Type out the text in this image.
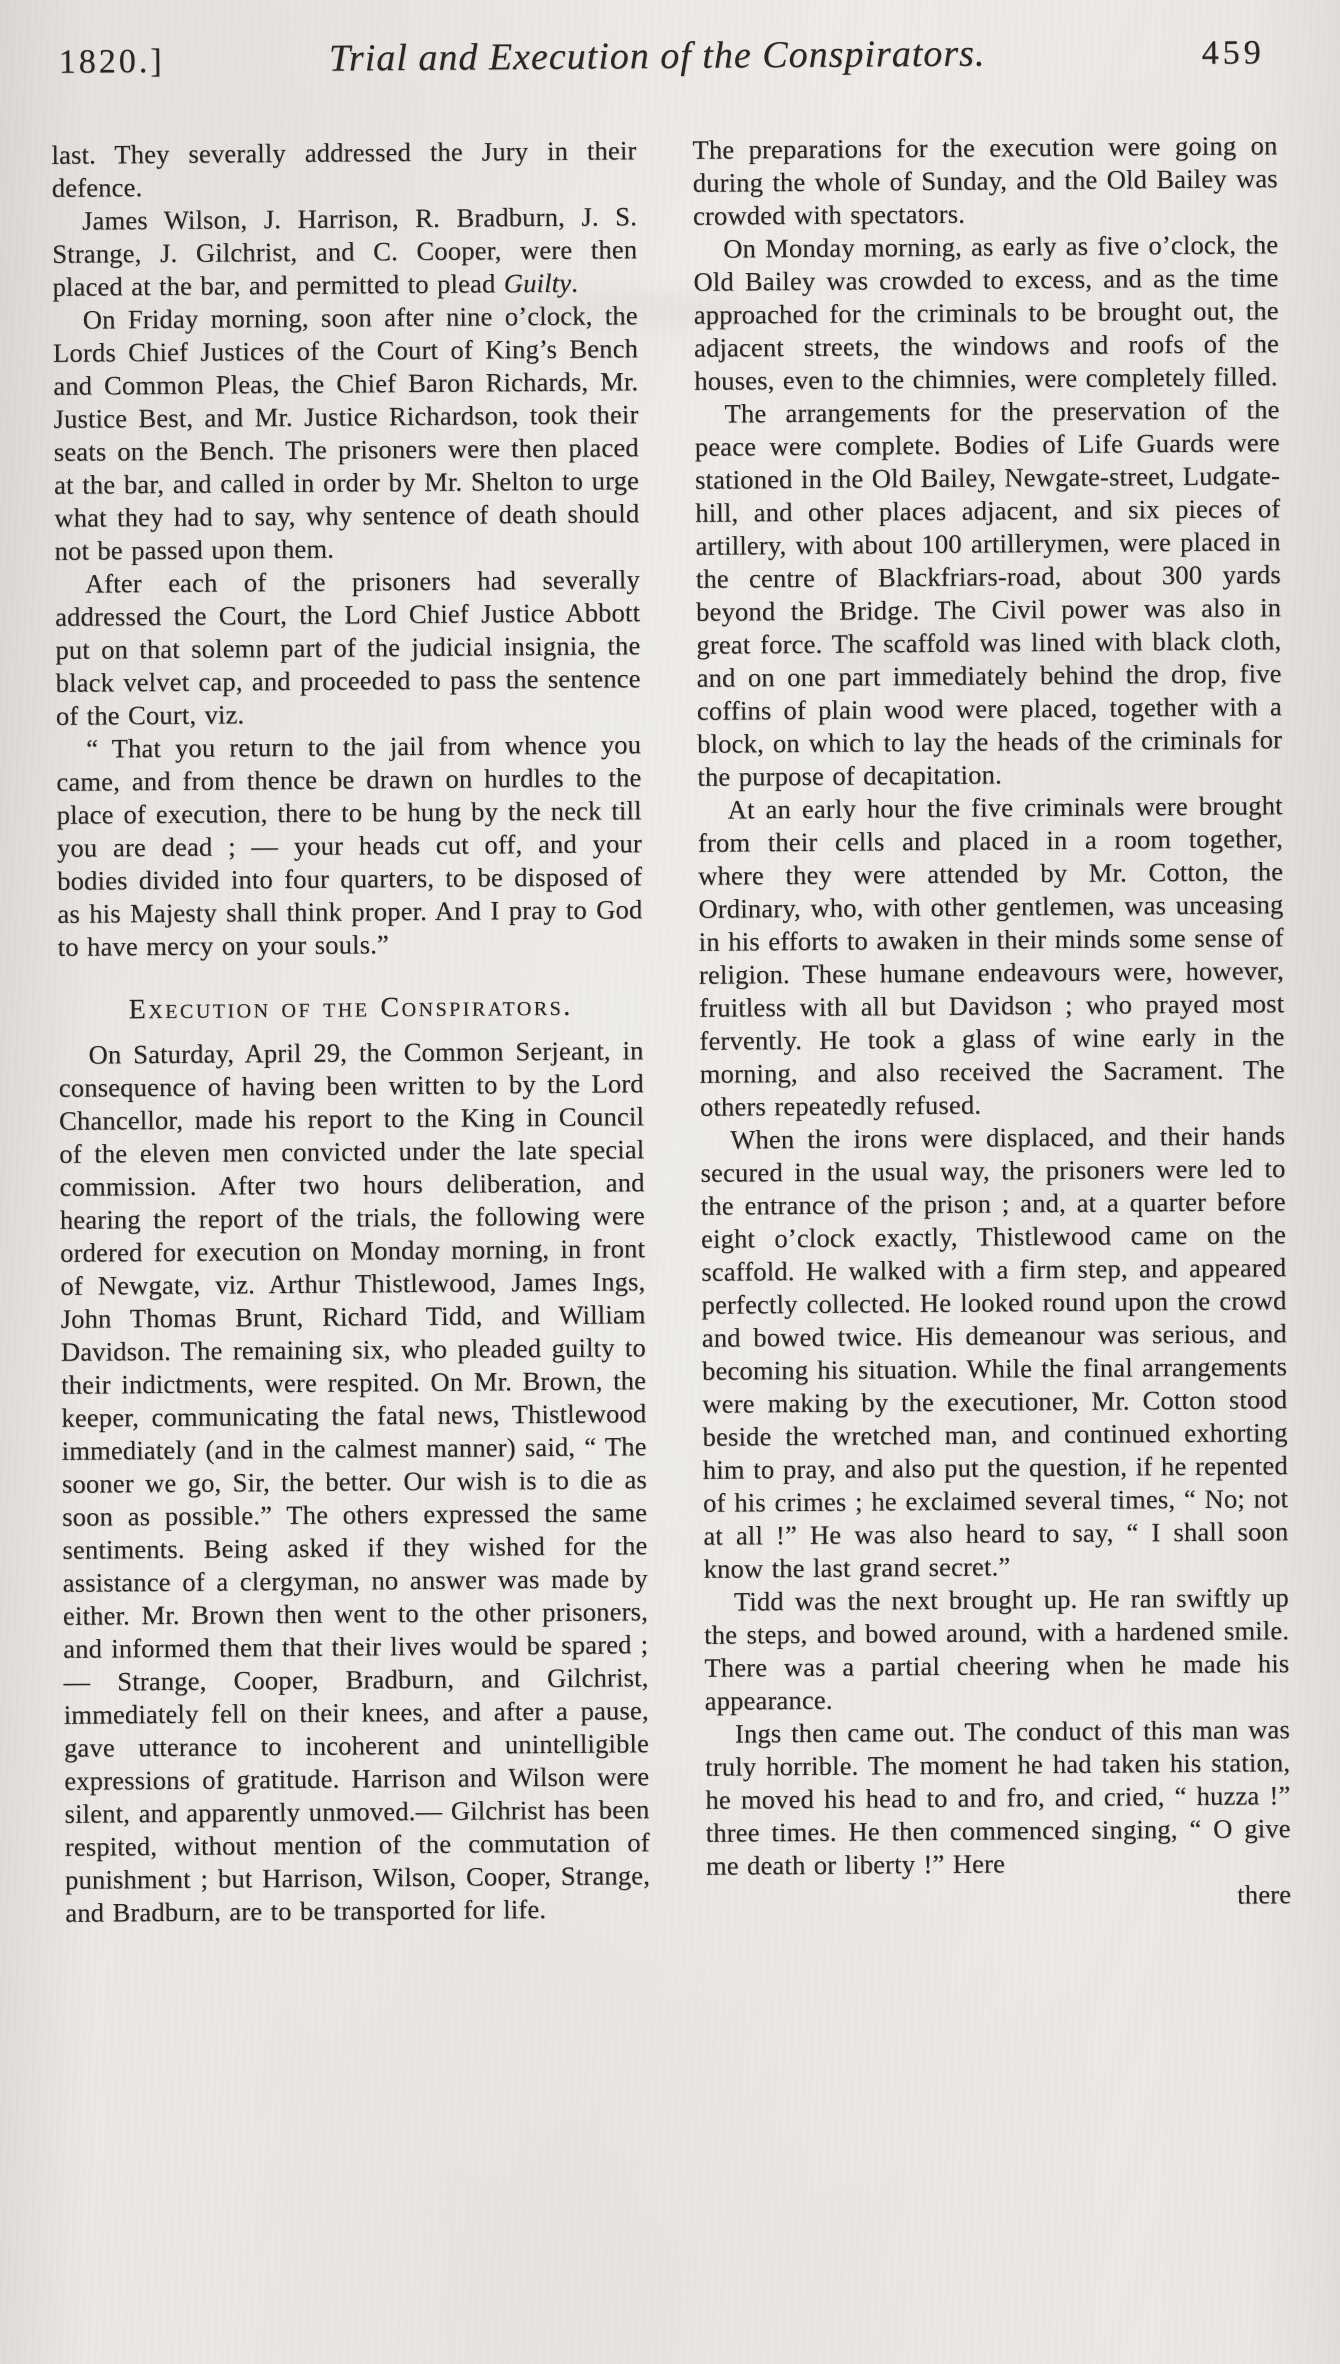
1820.]	Trial and Execution of the Conspirators.	459

last. They severally addressed the Jury in their defence.

James Wilson, J. Harrison, R. Bradburn, J. S. Strange, J. Gilchrist, and C. Cooper, were then placed at the bar, and permitted to plead Guilty.

On Friday morning, soon after nine o’clock, the Lords Chief Justices of the Court of King’s Bench and Common Pleas, the Chief Baron Richards, Mr. Justice Best, and Mr. Justice Richardson, took their seats on the Bench. The prisoners were then placed at the bar, and called in order by Mr. Shelton to urge what they had to say, why sentence of death should not be passed upon them.

After each of the prisoners had severally addressed the Court, the Lord Chief Justice Abbott put on that solemn part of the judicial insignia, the black velvet cap, and proceeded to pass the sentence of the Court, viz.

“ That you return to the jail from whence you came, and from thence be drawn on hurdles to the place of execution, there to be hung by the neck till you are dead ; — your heads cut off, and your bodies divided into four quarters, to be disposed of as his Majesty shall think proper. And I pray to God to have mercy on your souls.”

Execution of the Conspirators.

On Saturday, April 29, the Common Serjeant, in consequence of having been written to by the Lord Chancellor, made his report to the King in Council of the eleven men convicted under the late special commission. After two hours deliberation, and hearing the report of the trials, the following were ordered for execution on Monday morning, in front of Newgate, viz. Arthur Thistlewood, James Ings, John Thomas Brunt, Richard Tidd, and William Davidson. The remaining six, who pleaded guilty to their indictments, were respited. On Mr. Brown, the keeper, communicating the fatal news, Thistlewood immediately (and in the calmest manner) said, “ The sooner we go, Sir, the better. Our wish is to die as soon as possible.” The others expressed the same sentiments. Being asked if they wished for the assistance of a clergyman, no answer was made by either. Mr. Brown then went to the other prisoners, and informed them that their lives would be spared ; — Strange, Cooper, Bradburn, and Gilchrist, immediately fell on their knees, and after a pause, gave utterance to incoherent and unintelligible expressions of gratitude. Harrison and Wilson were silent, and apparently unmoved.— Gilchrist has been respited, without mention of the commutation of punishment ; but Harrison, Wilson, Cooper, Strange, and Bradburn, are to be transported for life.

The preparations for the execution were going on during the whole of Sunday, and the Old Bailey was crowded with spectators.

On Monday morning, as early as five o’clock, the Old Bailey was crowded to excess, and as the time approached for the criminals to be brought out, the adjacent streets, the windows and roofs of the houses, even to the chimnies, were completely filled.

The arrangements for the preservation of the peace were complete. Bodies of Life Guards were stationed in the Old Bailey, Newgate-street, Ludgate-hill, and other places adjacent, and six pieces of artillery, with about 100 artillerymen, were placed in the centre of Blackfriars-road, about 300 yards beyond the Bridge. The Civil power was also in great force. The scaffold was lined with black cloth, and on one part immediately behind the drop, five coffins of plain wood were placed, together with a block, on which to lay the heads of the criminals for the purpose of decapitation.

At an early hour the five criminals were brought from their cells and placed in a room together, where they were attended by Mr. Cotton, the Ordinary, who, with other gentlemen, was unceasing in his efforts to awaken in their minds some sense of religion. These humane endeavours were, however, fruitless with all but Davidson ; who prayed most fervently. He took a glass of wine early in the morning, and also received the Sacrament. The others repeatedly refused.

When the irons were displaced, and their hands secured in the usual way, the prisoners were led to the entrance of the prison ; and, at a quarter before eight o’clock exactly, Thistlewood came on the scaffold. He walked with a firm step, and appeared perfectly collected. He looked round upon the crowd and bowed twice. His demeanour was serious, and becoming his situation. While the final arrangements were making by the executioner, Mr. Cotton stood beside the wretched man, and continued exhorting him to pray, and also put the question, if he repented of his crimes ; he exclaimed several times, “ No; not at all !” He was also heard to say, “ I shall soon know the last grand secret.”

Tidd was the next brought up. He ran swiftly up the steps, and bowed around, with a hardened smile. There was a partial cheering when he made his appearance.

Ings then came out. The conduct of this man was truly horrible. The moment he had taken his station, he moved his head to and fro, and cried, “ huzza !” three times. He then commenced singing, “ O give me death or liberty !” Here

there
